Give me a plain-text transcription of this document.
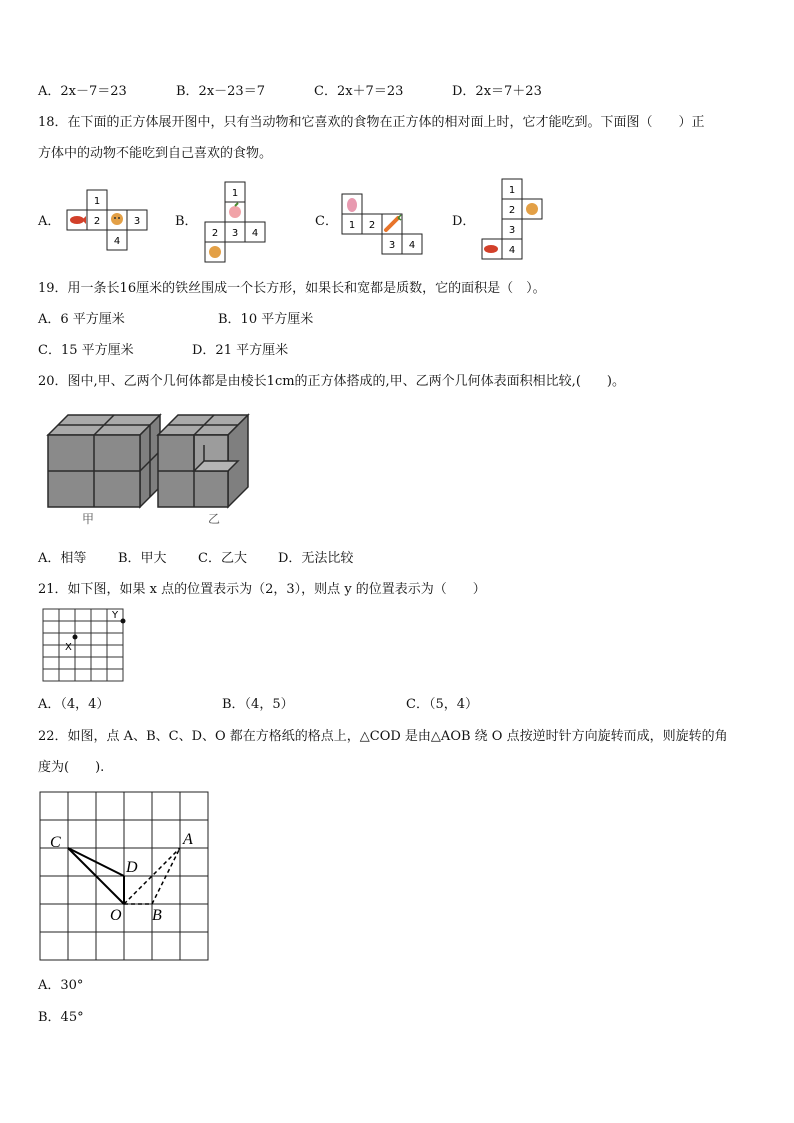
A．2x－7＝23	B．2x－23＝7	C．2x＋7＝23	D．2x＝7＋23
18．在下面的正方体展开图中，只有当动物和它喜欢的食物在正方体的相对面上时，它才能吃到。下面图（　　）正
方体中的动物不能吃到自己喜欢的食物。
A．
1
2	3
4
B．
1
2 3 4
C． 1 2
3 4
D．
1
2
3
4
19．用一条长16厘米的铁丝围成一个长方形，如果长和宽都是质数，它的面积是（　）。
A．6 平方厘米	B．10 平方厘米
C．15 平方厘米	D．21 平方厘米
20．图中,甲、乙两个几何体都是由棱长1cm的正方体搭成的,甲、乙两个几何体表面积相比较,(　　)。
甲	乙
A．相等 B．甲大 C．乙大 D．无法比较
21．如下图，如果 x 点的位置表示为（2，3），则点 y 的位置表示为（　　）
X
Y
A．（4，4）	B．（4，5）	C．（5，4）
22．如图，点 A、B、C、D、O 都在方格纸的格点上，△COD 是由△AOB 绕 O 点按逆时针方向旋转而成，则旋转的角
度为(　　).
C	A
D
O B
A．30°
B．45°
